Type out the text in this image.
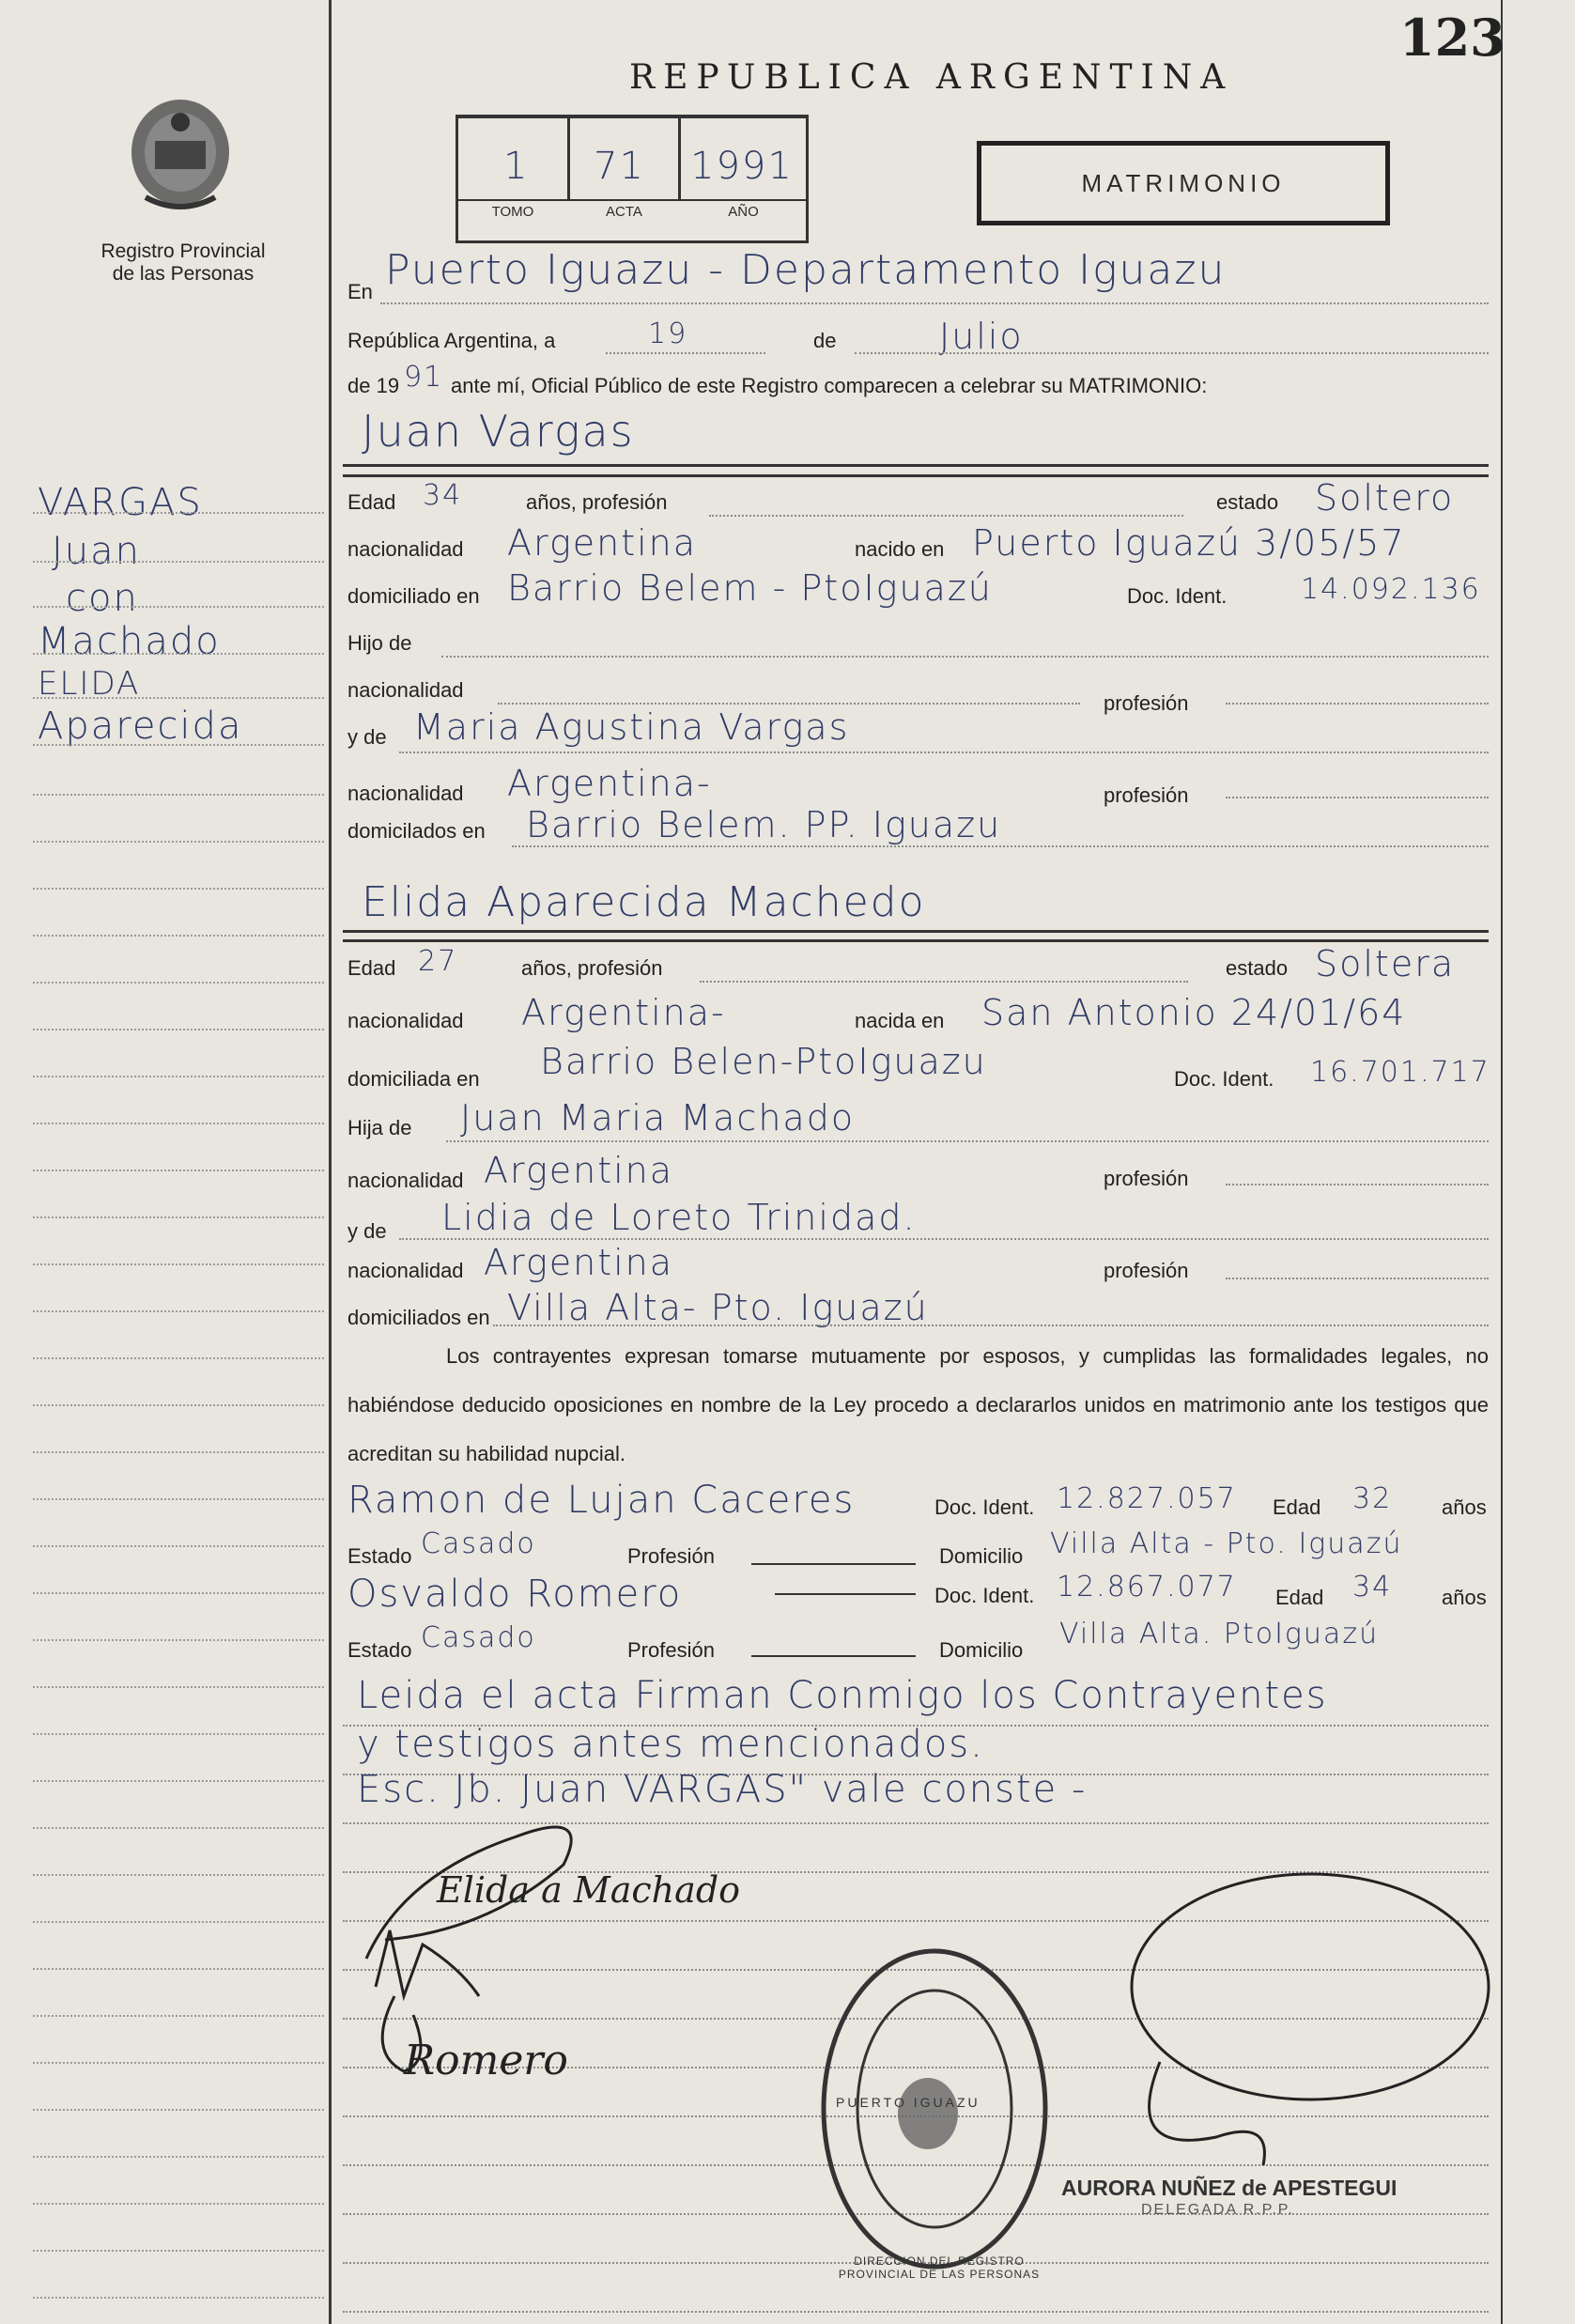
123
REPUBLICA ARGENTINA
Registro Provincial
de las Personas
1 71 1991
TOMO	ACTA	AÑO
MATRIMONIO
VARGAS
Juan
con
Machado
ELIDA
Aparecida
En Puerto Iguazu - Departamento Iguazu
República Argentina, a	19	de	Julio
de 19 91 ante mí, Oficial Público de este Registro comparecen a celebrar su MATRIMONIO:
Juan Vargas
Edad 34	años, profesión	estado Soltero
nacionalidad Argentina	nacido en Puerto Iguazú 3/05/57
domiciliado en Barrio Belem - PtoIguazú	Doc. Ident.	14.092.136
Hijo de
nacionalidad
profesión
y de Maria Agustina Vargas
nacionalidad Argentina-	profesión
domicilados en Barrio Belem. PP. Iguazu
Elida Aparecida Machedo
Edad 27	años, profesión	estado Soltera
nacionalidad Argentina-	nacida en San Antonio 24/01/64
domiciliada en Barrio Belen-PtoIguazu	Doc. Ident. 16.701.717
Hija de Juan Maria Machado
nacionalidad Argentina	profesión
y de Lidia de Loreto Trinidad.
nacionalidad Argentina	profesión
domiciliados en Villa Alta- Pto. Iguazú
Los contrayentes expresan tomarse mutuamente por esposos, y cumplidas las formalidades legales, no habiéndose deducido oposiciones en nombre de la Ley procedo a declararlos unidos en matrimonio ante los testigos que acreditan su habilidad nupcial.
Ramon de Lujan Caceres	Doc. Ident. 12.827.057 Edad 32 años
Estado Casado	Profesión	Domicilio Villa Alta - Pto. Iguazú
Osvaldo Romero	Doc. Ident. 12.867.077 Edad 34 años
Estado Casado	Profesión	Domicilio Villa Alta. PtoIguazú
Leida el acta Firman Conmigo los Contrayentes
y testigos antes mencionados.
Esc. Jb. Juan VARGAS" vale conste -
Elida a Machado
Romero
DIRECCION DEL REGISTRO PROVINCIAL DE LAS PERSONAS
PUERTO IGUAZU
AURORA NUÑEZ de APESTEGUI
DELEGADA R.P.P.
